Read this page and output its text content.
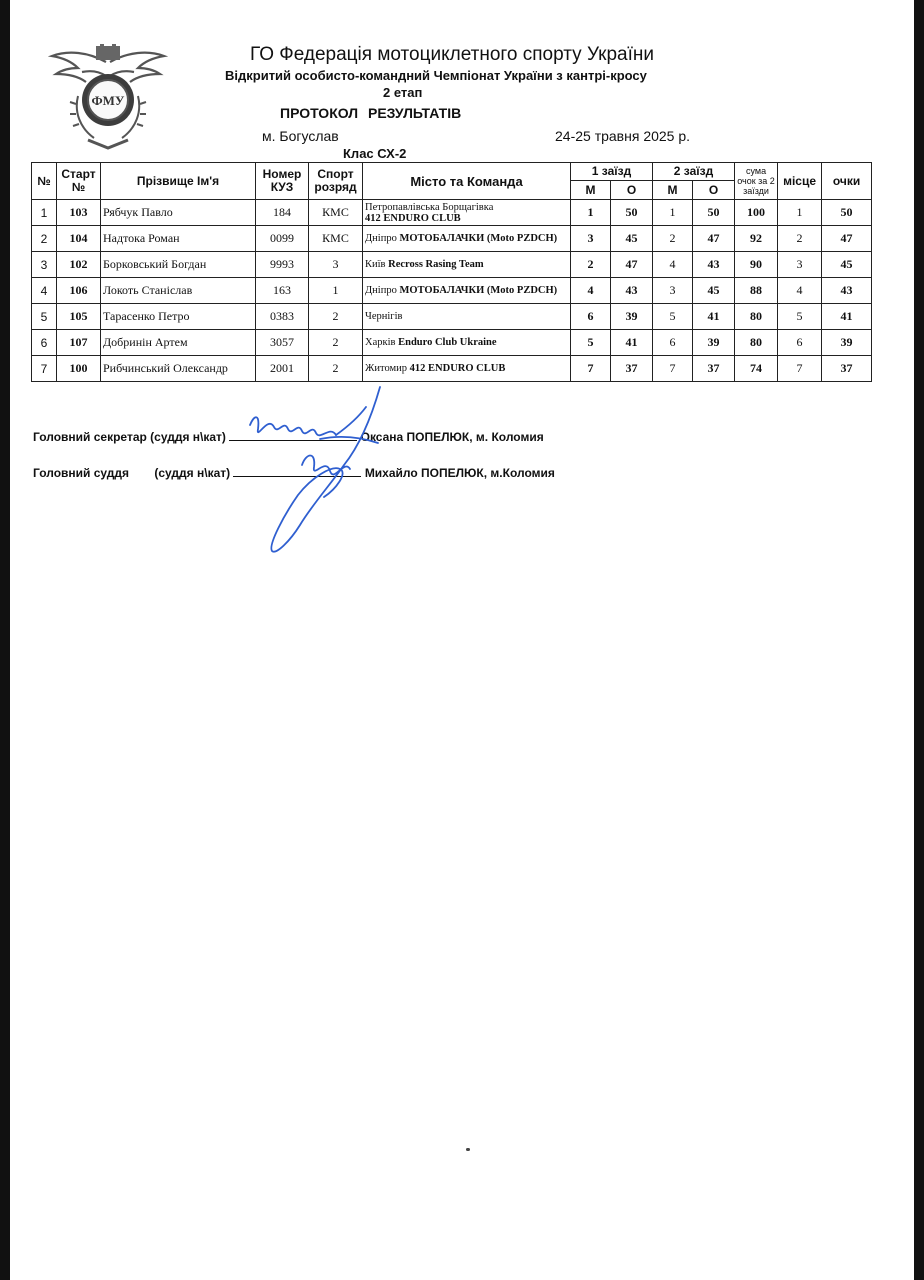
ФМУ
ГО Федерація мотоциклетного спорту України
Відкритий особисто-командний Чемпіонат України з кантрі-кросу
2 етап
ПРОТОКОЛ РЕЗУЛЬТАТІВ
м. Богуслав	24-25 травня 2025 р.
Клас СХ-2
№	Старт №	Прізвище Ім'я	Номер КУЗ	Спорт розряд	Місто та Команда	1 заїзд		2 заїзд		сума очок за 2 заїзди	місце	очки
						М	О	М	О			
1	103	Рябчук Павло	184	КМС	Петропавлівська Борщагівка
412 ENDURO CLUB	1	50	1	50	100	1	50
2	104	Надтока Роман	0099	КМС	Дніпро МОТОБАЛАЧКИ (Moto PZDCH)	3	45	2	47	92	2	47
3	102	Борковський Богдан	9993	3	Київ Recross Rasing Team	2	47	4	43	90	3	45
4	106	Локоть Станіслав	163	1	Дніпро МОТОБАЛАЧКИ (Moto PZDCH)	4	43	3	45	88	4	43
5	105	Тарасенко Петро	0383	2	Чернігів	6	39	5	41	80	5	41
6	107	Добринін Артем	3057	2	Харків Enduro Club Ukraine	5	41	6	39	80	6	39
7	100	Рибчинський Олександр	2001	2	Житомир 412 ENDURO CLUB	7	37	7	37	74	7	37
Головний секретар (суддя н\кат)	Оксана ПОПЕЛЮК, м. Коломия
Головний суддя (суддя н\кат)	Михайло ПОПЕЛЮК, м.Коломия
